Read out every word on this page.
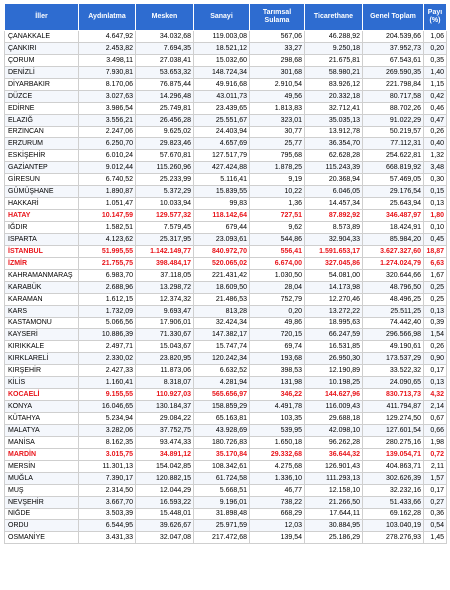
İller	Aydınlatma	Mesken	Sanayi	Tarımsal Sulama	Ticarethane	Genel Toplam	Payı (%)
ÇANAKKALE	4.647,92	34.032,68	119.003,08	567,06	46.288,92	204.539,66	1,06
ÇANKIRI	2.453,82	7.694,35	18.521,12	33,27	9.250,18	37.952,73	0,20
ÇORUM	3.498,11	27.038,41	15.032,60	298,68	21.675,81	67.543,61	0,35
DENİZLİ	7.930,81	53.653,32	148.724,34	301,68	58.980,21	269.590,35	1,40
DİYARBAKIR	8.170,06	76.875,44	49.916,68	2.910,54	83.926,12	221.798,84	1,15
DÜZCE	3.027,63	14.296,48	43.011,73	49,56	20.332,18	80.717,58	0,42
EDİRNE	3.986,54	25.749,81	23.439,65	1.813,83	32.712,41	88.702,26	0,46
ELAZIĞ	3.556,21	26.456,28	25.551,67	323,01	35.035,13	91.022,29	0,47
ERZİNCAN	2.247,06	9.625,02	24.403,94	30,77	13.912,78	50.219,57	0,26
ERZURUM	6.250,70	29.823,46	4.657,69	25,77	36.354,70	77.112,31	0,40
ESKİŞEHİR	6.010,24	57.670,81	127.517,79	795,68	62.628,28	254.622,81	1,32
GAZİANTEP	9.012,44	115.260,96	427.424,88	1.878,25	115.243,39	668.819,92	3,48
GİRESUN	6.740,52	25.233,99	5.116,41	9,19	20.368,94	57.469,05	0,30
GÜMÜŞHANE	1.890,87	5.372,29	15.839,55	10,22	6.046,05	29.176,54	0,15
HAKKARİ	1.051,47	10.033,94	99,83	1,36	14.457,34	25.643,94	0,13
HATAY	10.147,59	129.577,32	118.142,64	727,51	87.892,92	346.487,97	1,80
IĞDIR	1.582,51	7.579,45	679,44	9,62	8.573,89	18.424,91	0,10
ISPARTA	4.123,62	25.317,95	23.093,61	544,86	32.904,33	85.984,20	0,45
İSTANBUL	51.995,55	1.142.149,77	840.972,70	556,41	1.591.653,17	3.627.327,60	18,87
İZMİR	21.755,75	398.484,17	520.065,02	6.674,00	327.045,86	1.274.024,79	6,63
KAHRAMANMARAŞ	6.983,70	37.118,05	221.431,42	1.030,50	54.081,00	320.644,66	1,67
KARABÜK	2.688,96	13.298,72	18.609,50	28,04	14.173,98	48.796,50	0,25
KARAMAN	1.612,15	12.374,32	21.486,53	752,79	12.270,46	48.496,25	0,25
KARS	1.732,09	9.693,47	813,28	0,20	13.272,22	25.511,25	0,13
KASTAMONU	5.066,56	17.906,01	32.424,34	49,86	18.995,63	74.442,40	0,39
KAYSERİ	10.886,39	71.330,67	147.382,17	720,15	66.247,59	296.566,98	1,54
KIRIKKALE	2.497,71	15.043,67	15.747,74	69,74	16.531,85	49.190,61	0,26
KIRKLARELİ	2.330,02	23.820,95	120.242,34	193,68	26.950,30	173.537,29	0,90
KIRŞEHİR	2.427,33	11.873,06	6.632,52	398,53	12.190,89	33.522,32	0,17
KİLİS	1.160,41	8.318,07	4.281,94	131,98	10.198,25	24.090,65	0,13
KOCAELİ	9.155,55	110.927,03	565.656,97	346,22	144.627,96	830.713,73	4,32
KONYA	16.046,65	130.184,37	158.859,29	4.491,78	116.009,43	411.794,87	2,14
KÜTAHYA	5.234,94	29.084,22	65.163,81	103,35	29.688,18	129.274,50	0,67
MALATYA	3.282,06	37.752,75	43.928,69	539,95	42.098,10	127.601,54	0,66
MANİSA	8.162,35	93.474,33	180.726,83	1.650,18	96.262,28	280.275,16	1,98
MARDİN	3.015,75	34.891,12	35.170,84	29.332,68	36.644,32	139.054,71	0,72
MERSİN	11.301,13	154.042,85	108.342,61	4.275,68	126.901,43	404.863,71	2,11
MUĞLA	7.390,17	120.882,15	61.724,58	1.336,10	111.293,13	302.626,39	1,57
MUŞ	2.314,50	12.044,29	5.668,51	46,77	12.158,10	32.232,16	0,17
NEVŞEHİR	3.667,70	16.593,22	9.196,01	738,22	21.266,50	51.433,66	0,27
NİĞDE	3.503,39	15.448,01	31.898,48	668,29	17.644,11	69.162,28	0,36
ORDU	6.544,95	39.626,67	25.971,59	12,03	30.884,95	103.040,19	0,54
OSMANİYE	3.431,33	32.047,08	217.472,68	139,54	25.186,29	278.276,93	1,45
